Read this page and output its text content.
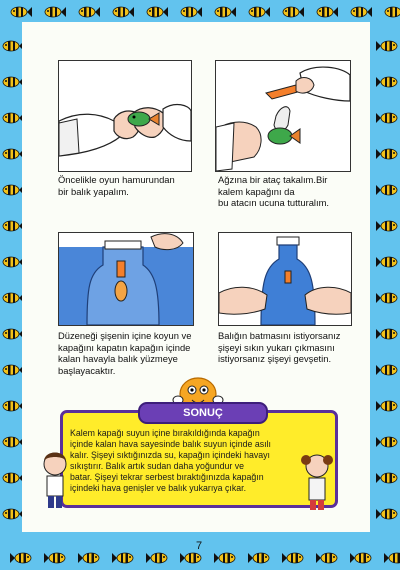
Öncelikle oyun hamurundan
bir balık yapalım.
Ağzına bir ataç takalım.Bir
kalem kapağını da
bu atacın ucuna tutturalım.
Düzeneği şişenin içine koyun ve
kapağını kapatın kapağın içinde
kalan havayla balık yüzmeye
başlayacaktır.
Balığın batmasını istiyorsanız
şişeyi sıkın yukarı çıkmasını
istiyorsanız şişeyi gevşetin.
SONUÇ
Kalem kapağı suyun içine bırakıldığında kapağın
içinde kalan hava sayesinde balık suyun içinde asılı
kalır. Şişeyi sıktığınızda su, kapağın içindeki havayı
sıkıştırır. Balık artık sudan daha yoğundur ve
batar. Şişeyi tekrar serbest bıraktığınızda kapağın
içindeki hava genişler ve balık yukarıya çıkar.
7
